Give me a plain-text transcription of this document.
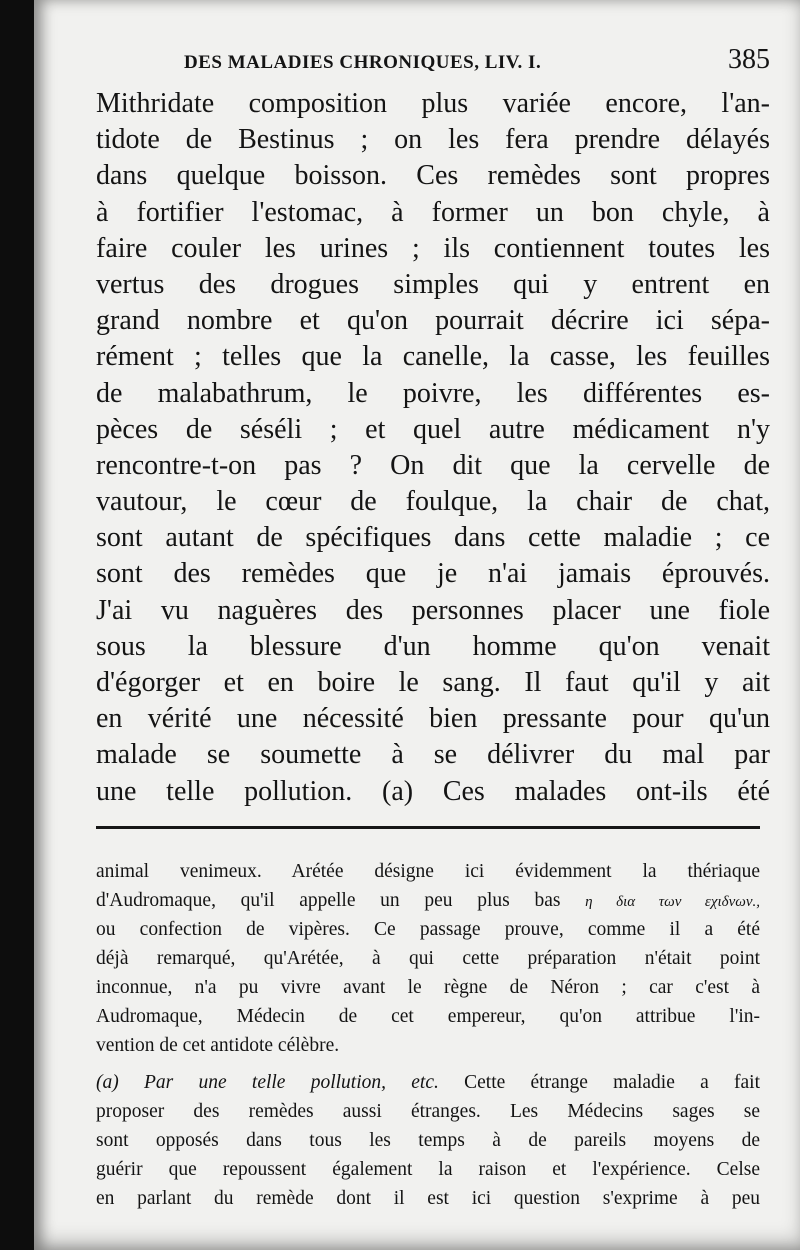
DES MALADIES CHRONIQUES, LIV. I.	385
Mithridate composition plus variée encore, l'an-
tidote de Bestinus ; on les fera prendre délayés
dans quelque boisson. Ces remèdes sont propres
à fortifier l'estomac, à former un bon chyle, à
faire couler les urines ; ils contiennent toutes les
vertus des drogues simples qui y entrent en
grand nombre et qu'on pourrait décrire ici sépa-
rément ; telles que la canelle, la casse, les feuilles
de malabathrum, le poivre, les différentes es-
pèces de séséli ; et quel autre médicament n'y
rencontre-t-on pas ? On dit que la cervelle de
vautour, le cœur de foulque, la chair de chat,
sont autant de spécifiques dans cette maladie ; ce
sont des remèdes que je n'ai jamais éprouvés.
J'ai vu naguères des personnes placer une fiole
sous la blessure d'un homme qu'on venait
d'égorger et en boire le sang. Il faut qu'il y ait
en vérité une nécessité bien pressante pour qu'un
malade se soumette à se délivrer du mal par
une telle pollution. (a) Ces malades ont-ils été
animal venimeux. Arétée désigne ici évidemment la thériaque
d'Audromaque, qu'il appelle un peu plus bas η δια των εχιδνων.,
ou confection de vipères. Ce passage prouve, comme il a été
déjà remarqué, qu'Arétée, à qui cette préparation n'était point
inconnue, n'a pu vivre avant le règne de Néron ; car c'est à
Audromaque, Médecin de cet empereur, qu'on attribue l'in-
vention de cet antidote célèbre.
(a) Par une telle pollution, etc. Cette étrange maladie a fait
proposer des remèdes aussi étranges. Les Médecins sages se
sont opposés dans tous les temps à de pareils moyens de
guérir que repoussent également la raison et l'expérience. Celse
en parlant du remède dont il est ici question s'exprime à peu
